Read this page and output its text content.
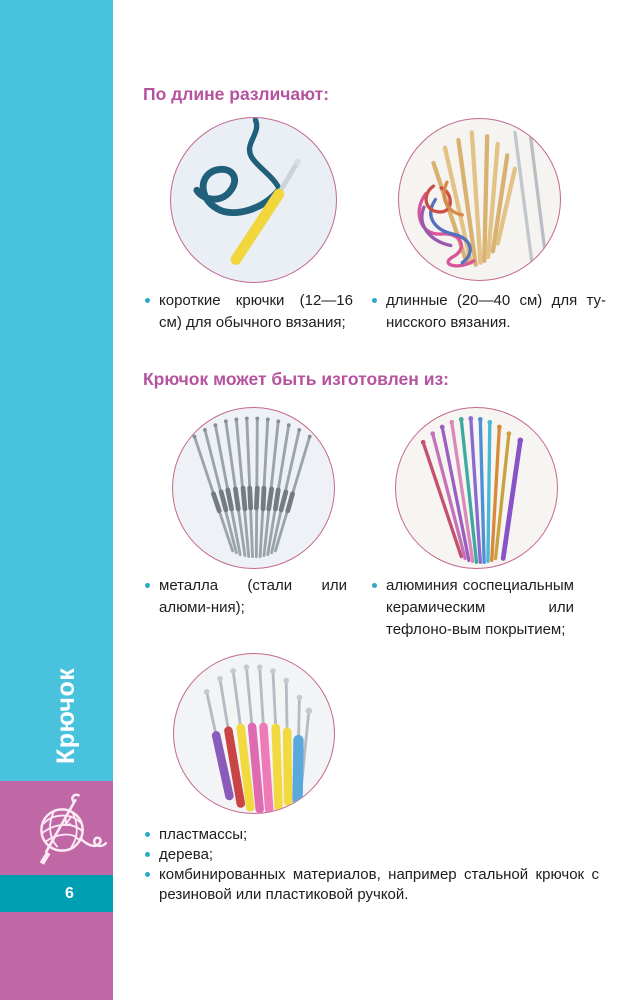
6
Крючок
По длине различают:

короткие крючки (12—16 см) для обычного вязания;

длинные (20—40 см) для ту-​нисского вязания.

Крючок может быть изготовлен из:

металла (стали или алюми-​ния);

алюминия соспециальным керамическим или тефлоно-​вым покрытием;

пластмассы;

дерева;

комбинированных материалов, например стальной крючок с резиновой или пластиковой ручкой.
